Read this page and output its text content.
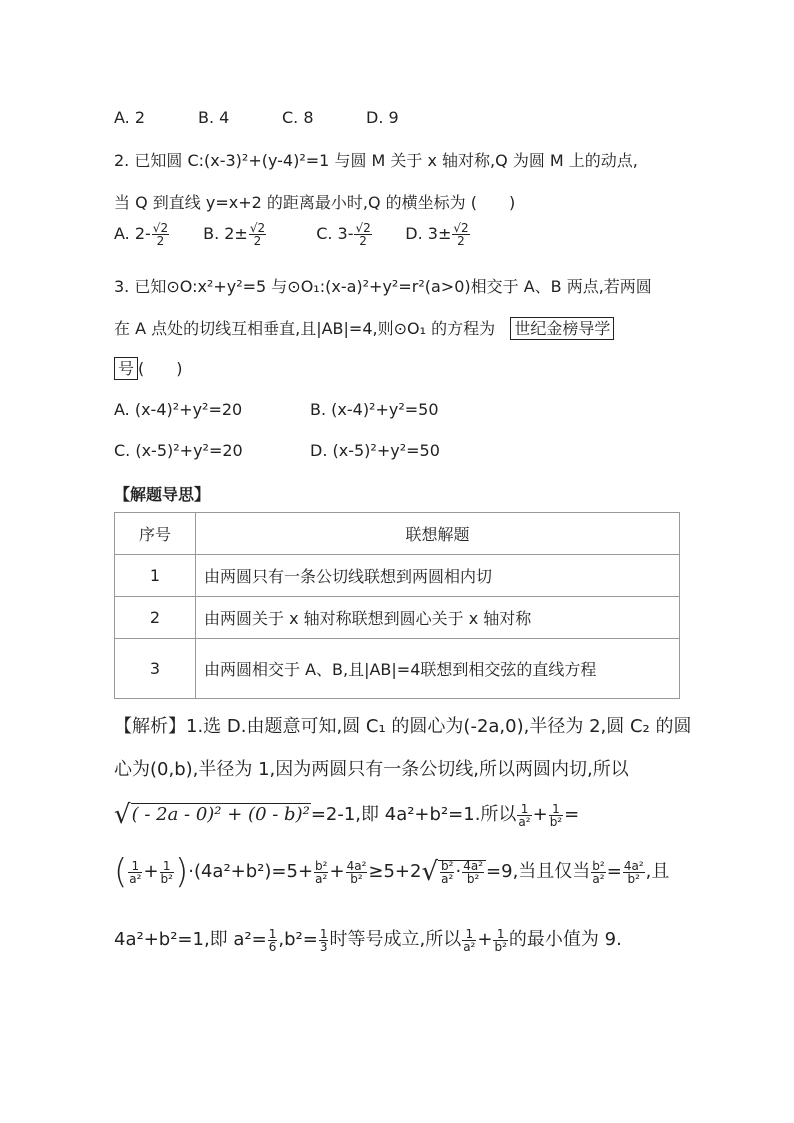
A. 2	B. 4	C. 8	D. 9
2. 已知圆 C:(x-3)²+(y-4)²=1 与圆 M 关于 x 轴对称,Q 为圆 M 上的动点,
当 Q 到直线 y=x+2 的距离最小时,Q 的横坐标为 (　　)
A. $2- \frac{√2}{2} B$. $2\pm \frac{√2}{2}$	C. $3- \frac{√2}{2} D$. $3\pm \frac{√2}{2}$
3. 已知⊙O:x²+y²=5 与⊙O₁:(x-a)²+y²=r²(a>0)相交于 A、B 两点,若两圆
在 A 点处的切线互相垂直,且|AB|=4,则⊙O₁ 的方程为 世纪金榜导学
号 (　　)
A. (x-4)²+y²=20	B. (x-4)²+y²=50
C. (x-5)²+y²=20	D. (x-5)²+y²=50
【解题导思】
序号	联想解题
1	由两圆只有一条公切线联想到两圆相内切
2	由两圆关于 x 轴对称联想到圆心关于 x 轴对称
3	由两圆相交于 A、B,且|AB|=4联想到相交弦的直线方程
【解析】1.选 D.由题意可知,圆 C₁ 的圆心为(-2a,0),半径为 2,圆 C₂ 的圆
心为(0,b),半径为 1,因为两圆只有一条公切线,所以两圆内切,所以
√( - 2a - 0)² + (0 - b)²=2-1,即 4a²+b²=1.所以 $\frac{1}{\text{a²}} + \frac{1}{\text{b²}}$ =
( $\frac{1}{\text{a²}} + \frac{1}{\text{b²}} )\cdot(4a^2+b^2)=5+ \frac{\text{b²}}{\text{a²}} + \frac{\text{4a²}}{\text{b²}} \ge 5+2√ \frac{\text{b²}}{\text{a²}} \cdot \frac{\text{4a²}}{\text{b²}} =9$,当且仅当 $\frac{\text{b²}}{\text{a²}} = \frac{\text{4a²}}{\text{b²}}$ ,且
4a²+b²=1,即 $a^2= \frac{1}{6} ,b^2= \frac{1}{3}$ 时等号成立,所以 $\frac{1}{\text{a²}} + \frac{1}{\text{b²}}$ 的最小值为 9.
